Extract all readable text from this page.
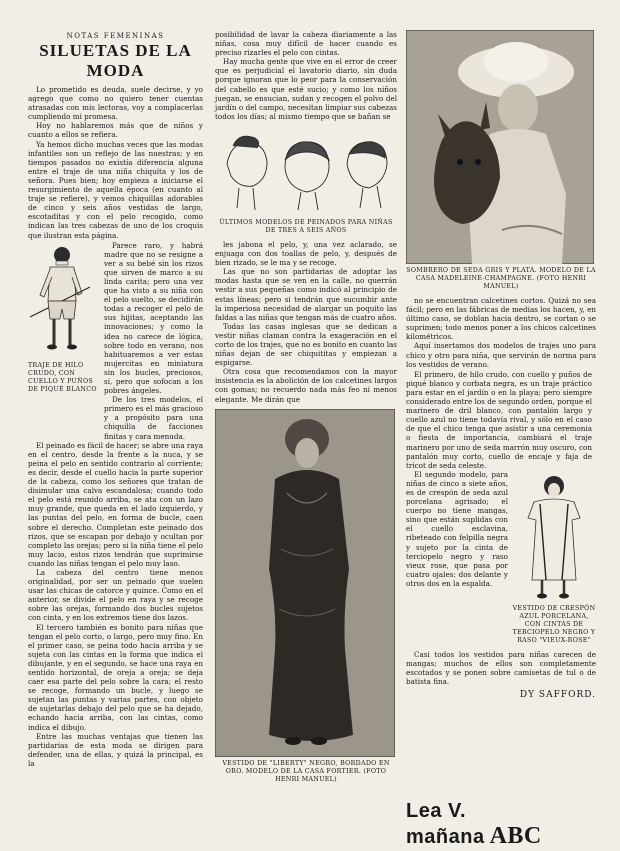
NOTAS FEMENINAS
SILUETAS DE LA MODA

Lo prometido es deuda, suele decirse, y yo agrego que como no quiero tener cuentas atrasadas con mis lectoras, voy a complacerlas cumpliendo mi promesa.

Hoy no hablaremos más que de niños y cuanto a ellos se refiera.

Ya hemos dicho muchas veces que las modas infantiles son un reflejo de las nuestras; y en tiempos pasados no existía diferencia alguna entre el traje de una niña chiquita y los de señora. Pues bien; hoy empieza a iniciarse el resurgimiento de aquella época (en cuanto al traje se refiere), y vemos chiquillas adorables de cinco y seis años vestidas de largo, escotaditas y con el pelo recogido, como indican las tres cabezas de uno de los croquis que ilustran esta página.

TRAJE DE HILO CRUDO, CON CUELLO Y PUÑOS DE PIQUÉ BLANCO

Parece raro, y habrá madre que no se resigne a ver a su bebé sin los rizos que sirven de marco a su linda carita; pero una vez que ha visto a su niña con el pelo suelto, se decidirán todas a recoger el pelo de sus hijitas, aceptando las innovaciones; y como la idea no carece de lógica, sobre todo en verano, nos habituaremos a ver estas mujercitas en miniatura sin los bucles, preciosos, sí, pero que sofocan a los pobres ángeles.

De los tres modelos, el primero es el más gracioso y a propósito para una chiquilla de facciones finitas y cara menuda.

El peinado es fácil de hacer; se abre una raya en el centro, desde la frente a la nuca, y se peina el pelo en sentido contrario al corriente; es decir, desde el cuello hacia la parte superior de la cabeza, como los señores que tratan de disimular una calva escandalosa; cuando todo el pelo está reunido arriba, se ata con un lazo muy grande, que queda en el lado izquierdo, y las puntas del pelo, en forma de bucle, caen sobre el derecho. Completan este peinado dos rizos, que se escapan por debajo y ocultan por completo las orejas; pero si la niña tiene el pelo muy lacio, estos rizos tendrán que suprimirse cuando las niñas tengan el pelo muy laso.

La cabeza del centro tiene menos originalidad, por ser un peinado que suelen usar las chicas de catorce y quince. Como en el anterior, se divide el pelo en raya y se recoge sobre las orejas, formando dos bucles sujetos con cinta, y en los extremos tiene dos lazos.

El tercero también es bonito para niñas que tengan el pelo corto, o largo, pero muy fino. En el primer caso, se peina todo hacia arriba y se sujeta con las cintas en la forma que indica el dibujante, y en el segundo, se hace una raya en sentido horizontal, de oreja a oreja; se deja caer esa parte del pelo sobre la cara; el resto se recoge, formando un bucle, y luego se sujetan las puntas y varias partes, con objeto de sujetarlas debajo del pelo que se ha dejado, echando hacia arriba, con las cintas, como indica el dibujo.

Entre las muchas ventajas que tienen las partidarias de esta moda se dirigen para defender, una de ellas, y quizá la principal, es la

posibilidad de lavar la cabeza diariamente a las niñas, cosa muy difícil de hacer cuando es preciso rizarles el pelo con cintas.

Hay mucha gente que vive en el error de creer que es perjudicial el lavatorio diario, sin duda porque ignoran que lo peor para la conservación del cabello es que esté sucio; y como los niños juegan, se ensucian, sudan y recogen el polvo del jardín o del campo, necesitan limpiar sus cabezas todos los días; al mismo tiempo que se bañan se

ÚLTIMOS MODELOS DE PEINADOS PARA NIÑAS DE TRES A SEIS AÑOS

les jabona el pelo, y, una vez aclarado, se enjuaga con dos toallas de pelo, y, después de bien rizado, se le ma y se recoge.

Las que no son partidarias de adoptar las modas hasta que se ven en la calle, no querrán vestir a sus pequeñas como indicó al principio de estas líneas; pero si tendrán que sucumbir ante la imperiosa necesidad de alargar un poquito las faldas a las niñas que tengan más de cuatro años.

Todas las casas inglesas que se dedican a vestir niñas claman contra la exageración en el corto de los trajes, que no es bonito en cuanto las niñas dejan de ser chiquititas y empiezan a espigarse.

Otra cosa que recomendamos con la mayor insistencia es la abolición de los calcetines largos con gomas; no recuerdo nada más feo ni menos elegante. Me dirán que

VESTIDO DE "LIBERTY" NEGRO, BORDADO EN ORO. MODELO DE LA CASA FORTIER. (FOTO HENRI MANUEL)
SOMBRERO DE SEDA GRIS Y PLATA. MODELO DE LA CASA MADELEINE-CHAMPAGNE. (FOTO HENRI MANUEL)

no se encuentran calcetines cortos. Quizá no sea fácil; pero en las fábricas de medias los hacen, y, en último caso, se doblan hacia dentro, se cortan o se suprimen; todo menos poner a los chicos calcetines kilométricos.

Aquí insertamos dos modelos de trajes uno para chico y otro para niña, que servirán de norma para los vestidos de verano.

El primero, de hilo crudo, con cuello y puños de piqué blanco y corbata negra, es un traje práctico para estar en el jardín o en la playa; pero siempre considerado entre los de segundo orden, porque el marinero de dril blanco, con pantalón largo y cuello azul no tiene todavía rival, y sólo en el caso de que el chico tenga que asistir a una ceremonia o fiesta de importancia, cambiará el traje marinero por uno de seda marrón muy oscuro, con pantalón muy corto, cuello de encaje y faja de tricot de seda celeste.

El segundo modelo, para niñas de cinco a siete años, es de crespón de seda azul porcelana agrisado; el cuerpo no tiene mangas, sino que están suplidas con el cuello esclavina, ribeteado con felpilla negra y sujeto por la cinta de terciopelo negro y raso vieux rose, que pasa por cuatro ojales: dos delante y otros dos en la espalda.

VESTIDO DE CRESPÓN AZUL PORCELANA, CON CINTAS DE TERCIOPELO NEGRO Y RASO "VIEUX-ROSE"

Casi todos los vestidos para niñas carecen de mangas; muchos de ellos son completamente escotados y se ponen sobre camisetas de tul o de batista fina.

DY SAFFORD.
Lea V. mañana ABC
